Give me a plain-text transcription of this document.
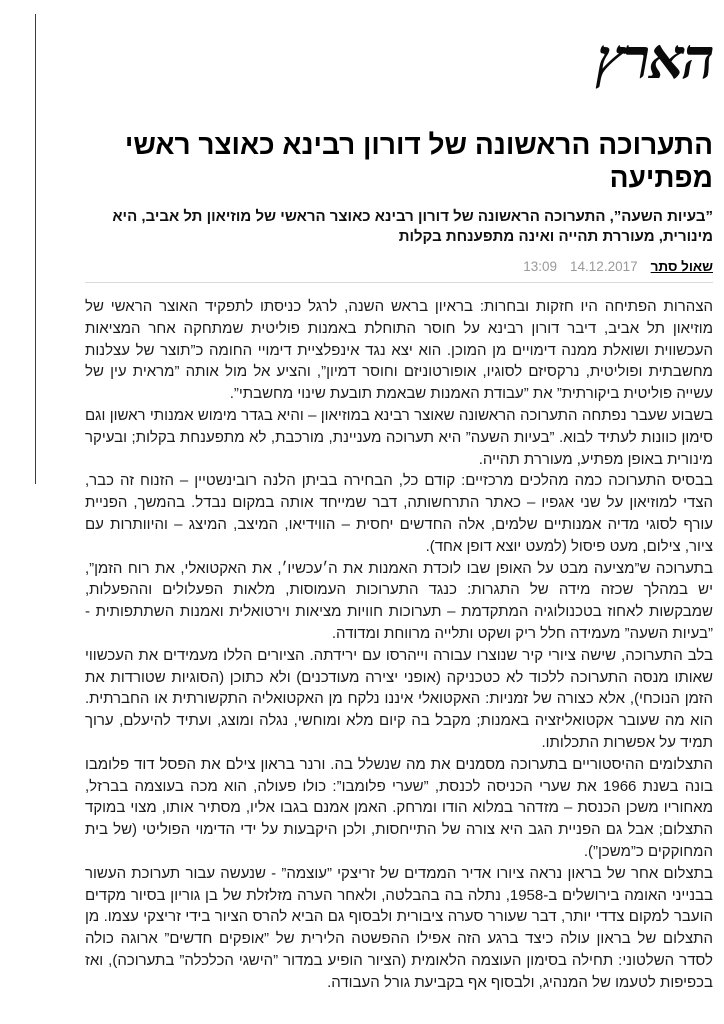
הארץ
התערוכה הראשונה של דורון רבינא כאוצר ראשי מפתיעה
”בעיות השעה”, התערוכה הראשונה של דורון רבינא כאוצר הראשי של מוזיאון תל אביב, היא מינורית, מעוררת תהייה ואינה מתפענחת בקלות
שאול סתר
14.12.2017
13:09

הצהרות הפתיחה היו חזקות ובחרות: בראיון בראש השנה, לרגל כניסתו לתפקיד האוצר הראשי של מוזיאון תל אביב, דיבר דורון רבינא על חוסר התוחלת באמנות פוליטית שמתחקה אחר המציאות העכשווית ושואלת ממנה דימויים מן המוכן. הוא יצא נגד אינפלציית דימויי החומה כ”תוצר של עצלנות מחשבתית ופוליטית, נרקסיזם לסוגיו, אופורטוניזם וחוסר דמיון”, והציע אל מול אותה ”מראית עין של עשייה פוליטית ביקורתית” את ”עבודת האמנות שבאמת תובעת שינוי מחשבתי”.

בשבוע שעבר נפתחה התערוכה הראשונה שאוצר רבינא במוזיאון – והיא בגדר מימוש אמנותי ראשון וגם סימון כוונות לעתיד לבוא. ”בעיות השעה” היא תערוכה מעניינת, מורכבת, לא מתפענחת בקלות; ובעיקר מינורית באופן מפתיע, מעוררת תהייה.

בבסיס התערוכה כמה מהלכים מרכזיים: קודם כל, הבחירה בביתן הלנה רובינשטיין – הזנוח זה כבר, הצדי למוזיאון על שני אגפיו – כאתר התרחשותה, דבר שמייחד אותה במקום נבדל. בהמשך, הפניית עורף לסוגי מדיה אמנותיים שלמים, אלה החדשים יחסית – הווידיאו, המיצב, המיצג – והיוותרות עם ציור, צילום, מעט פיסול (למעט יוצא דופן אחד).

בתערוכה ש”מציעה מבט על האופן שבו לוכדת האמנות את ה׳עכשיו׳, את האקטואלי, את רוח הזמן”, יש במהלך שכזה מידה של התגרות: כנגד התערוכות העמוסות, מלאות הפעלולים וההפעלות, שמבקשות לאחוז בטכנולוגיה המתקדמת – תערוכות חוויות מציאות וירטואלית ואמנות השתתפותית - ”בעיות השעה” מעמידה חלל ריק ושקט ותלייה מרווחת ומדודה.

בלב התערוכה, שישה ציורי קיר שנוצרו עבורה וייהרסו עם ירידתה. הציורים הללו מעמידים את העכשווי שאותו מנסה התערוכה ללכוד לא כטכניקה (אופני יצירה מעודכנים) ולא כתוכן (הסוגיות שטורדות את הזמן הנוכחי), אלא כצורה של זמניות: האקטואלי איננו נלקח מן האקטואליה התקשורתית או החברתית. הוא מה שעובר אקטואליזציה באמנות; מקבל בה קיום מלא ומוחשי, נגלה ומוצג, ועתיד להיעלם, ערוך תמיד על אפשרות התכלותו.

התצלומים ההיסטוריים בתערוכה מסמנים את מה שנשלל בה. ורנר בראון צילם את הפסל דוד פלומבו בונה בשנת 1966 את שערי הכניסה לכנסת, ”שערי פלומבו”: כולו פעולה, הוא מכה בעוצמה בברזל, מאחוריו משכן הכנסת – מזדהר במלוא הודו ומרחק. האמן אמנם בגבו אליו, מסתיר אותו, מצוי במוקד התצלום; אבל גם הפניית הגב היא צורה של התייחסות, ולכן היקבעות על ידי הדימוי הפוליטי (של בית המחוקקים כ”משכן”).

בתצלום אחר של בראון נראה ציורו אדיר הממדים של זריצקי ”עוצמה” - שנעשה עבור תערוכת העשור בבנייני האומה בירושלים ב-1958, נתלה בה בהבלטה, ולאחר הערה מזלזלת של בן גוריון בסיור מקדים הועבר למקום צדדי יותר, דבר שעורר סערה ציבורית ולבסוף גם הביא להרס הציור בידי זריצקי עצמו. מן התצלום של בראון עולה כיצד ברגע הזה אפילו ההפשטה הלירית של ”אופקים חדשים” ארוגה כולה לסדר השלטוני: תחילה בסימון העוצמה הלאומית (הציור הופיע במדור ”הישגי הכלכלה” בתערוכה), ואז בכפיפות לטעמו של המנהיג, ולבסוף אף בקביעת גורל העבודה.
